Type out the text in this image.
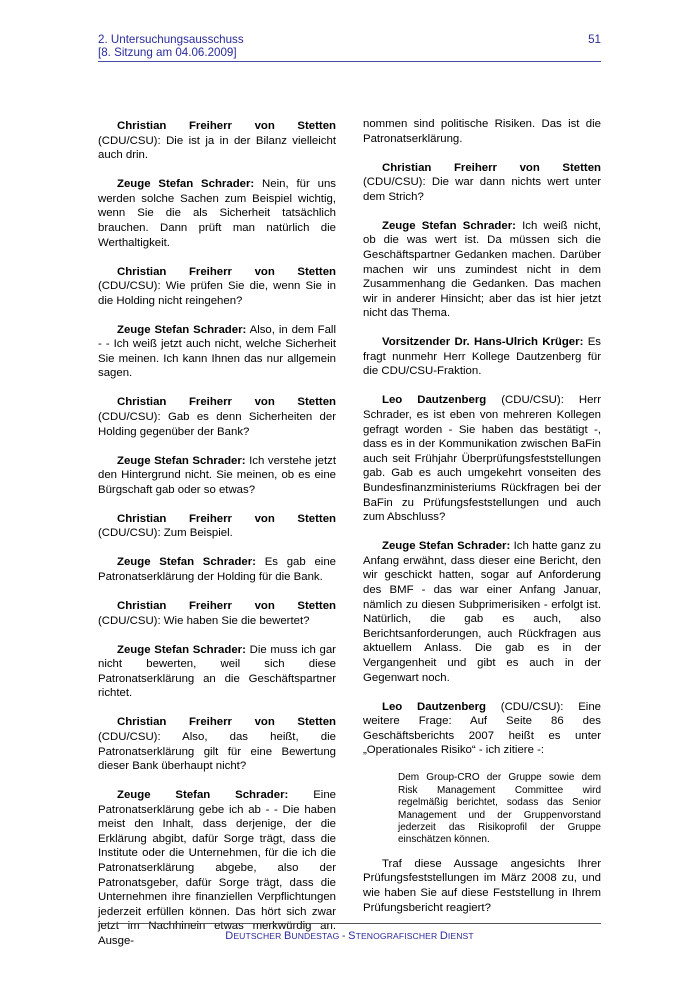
2. Untersuchungsausschuss
[8. Sitzung am 04.06.2009]
51

Christian Freiherr von Stetten (CDU/CSU): Die ist ja in der Bilanz vielleicht auch drin.

Zeuge Stefan Schrader: Nein, für uns werden solche Sachen zum Beispiel wichtig, wenn Sie die als Sicherheit tatsächlich brauchen. Dann prüft man natürlich die Werthaltigkeit.

Christian Freiherr von Stetten (CDU/CSU): Wie prüfen Sie die, wenn Sie in die Holding nicht reingehen?

Zeuge Stefan Schrader: Also, in dem Fall - - Ich weiß jetzt auch nicht, welche Sicherheit Sie meinen. Ich kann Ihnen das nur allgemein sagen.

Christian Freiherr von Stetten (CDU/CSU): Gab es denn Sicherheiten der Holding gegenüber der Bank?

Zeuge Stefan Schrader: Ich verstehe jetzt den Hintergrund nicht. Sie meinen, ob es eine Bürgschaft gab oder so etwas?

Christian Freiherr von Stetten (CDU/CSU): Zum Beispiel.

Zeuge Stefan Schrader: Es gab eine Patronatserklärung der Holding für die Bank.

Christian Freiherr von Stetten (CDU/CSU): Wie haben Sie die bewertet?

Zeuge Stefan Schrader: Die muss ich gar nicht bewerten, weil sich diese Patronatserklärung an die Geschäftspartner richtet.

Christian Freiherr von Stetten (CDU/CSU): Also, das heißt, die Patronatserklärung gilt für eine Bewertung dieser Bank überhaupt nicht?

Zeuge Stefan Schrader: Eine Patronatserklärung gebe ich ab - - Die haben meist den Inhalt, dass derjenige, der die Erklärung abgibt, dafür Sorge trägt, dass die Institute oder die Unternehmen, für die ich die Patronatserklärung abgebe, also der Patronatsgeber, dafür Sorge trägt, dass die Unternehmen ihre finanziellen Verpflichtungen jederzeit erfüllen können. Das hört sich zwar jetzt im Nachhinein etwas merkwürdig an. Ausge-

nommen sind politische Risiken. Das ist die Patronatserklärung.

Christian Freiherr von Stetten (CDU/CSU): Die war dann nichts wert unter dem Strich?

Zeuge Stefan Schrader: Ich weiß nicht, ob die was wert ist. Da müssen sich die Geschäftspartner Gedanken machen. Darüber machen wir uns zumindest nicht in dem Zusammenhang die Gedanken. Das machen wir in anderer Hinsicht; aber das ist hier jetzt nicht das Thema.

Vorsitzender Dr. Hans-Ulrich Krüger: Es fragt nunmehr Herr Kollege Dautzenberg für die CDU/CSU-Fraktion.

Leo Dautzenberg (CDU/CSU): Herr Schrader, es ist eben von mehreren Kollegen gefragt worden - Sie haben das bestätigt -, dass es in der Kommunikation zwischen BaFin auch seit Frühjahr Überprüfungsfeststellungen gab. Gab es auch umgekehrt vonseiten des Bundesfinanzministeriums Rückfragen bei der BaFin zu Prüfungsfeststellungen und auch zum Abschluss?

Zeuge Stefan Schrader: Ich hatte ganz zu Anfang erwähnt, dass dieser eine Bericht, den wir geschickt hatten, sogar auf Anforderung des BMF - das war einer Anfang Januar, nämlich zu diesen Subprimerisiken - erfolgt ist. Natürlich, die gab es auch, also Berichtsanforderungen, auch Rückfragen aus aktuellem Anlass. Die gab es in der Vergangenheit und gibt es auch in der Gegenwart noch.

Leo Dautzenberg (CDU/CSU): Eine weitere Frage: Auf Seite 86 des Geschäftsberichts 2007 heißt es unter „Operationales Risiko“ - ich zitiere -:

Dem Group-CRO der Gruppe sowie dem Risk Management Committee wird regelmäßig berichtet, sodass das Senior Management und der Gruppenvorstand jederzeit das Risikoprofil der Gruppe einschätzen können.

Traf diese Aussage angesichts Ihrer Prüfungsfeststellungen im März 2008 zu, und wie haben Sie auf diese Feststellung in Ihrem Prüfungsbericht reagiert?

DEUTSCHER BUNDESTAG - STENOGRAFISCHER DIENST
